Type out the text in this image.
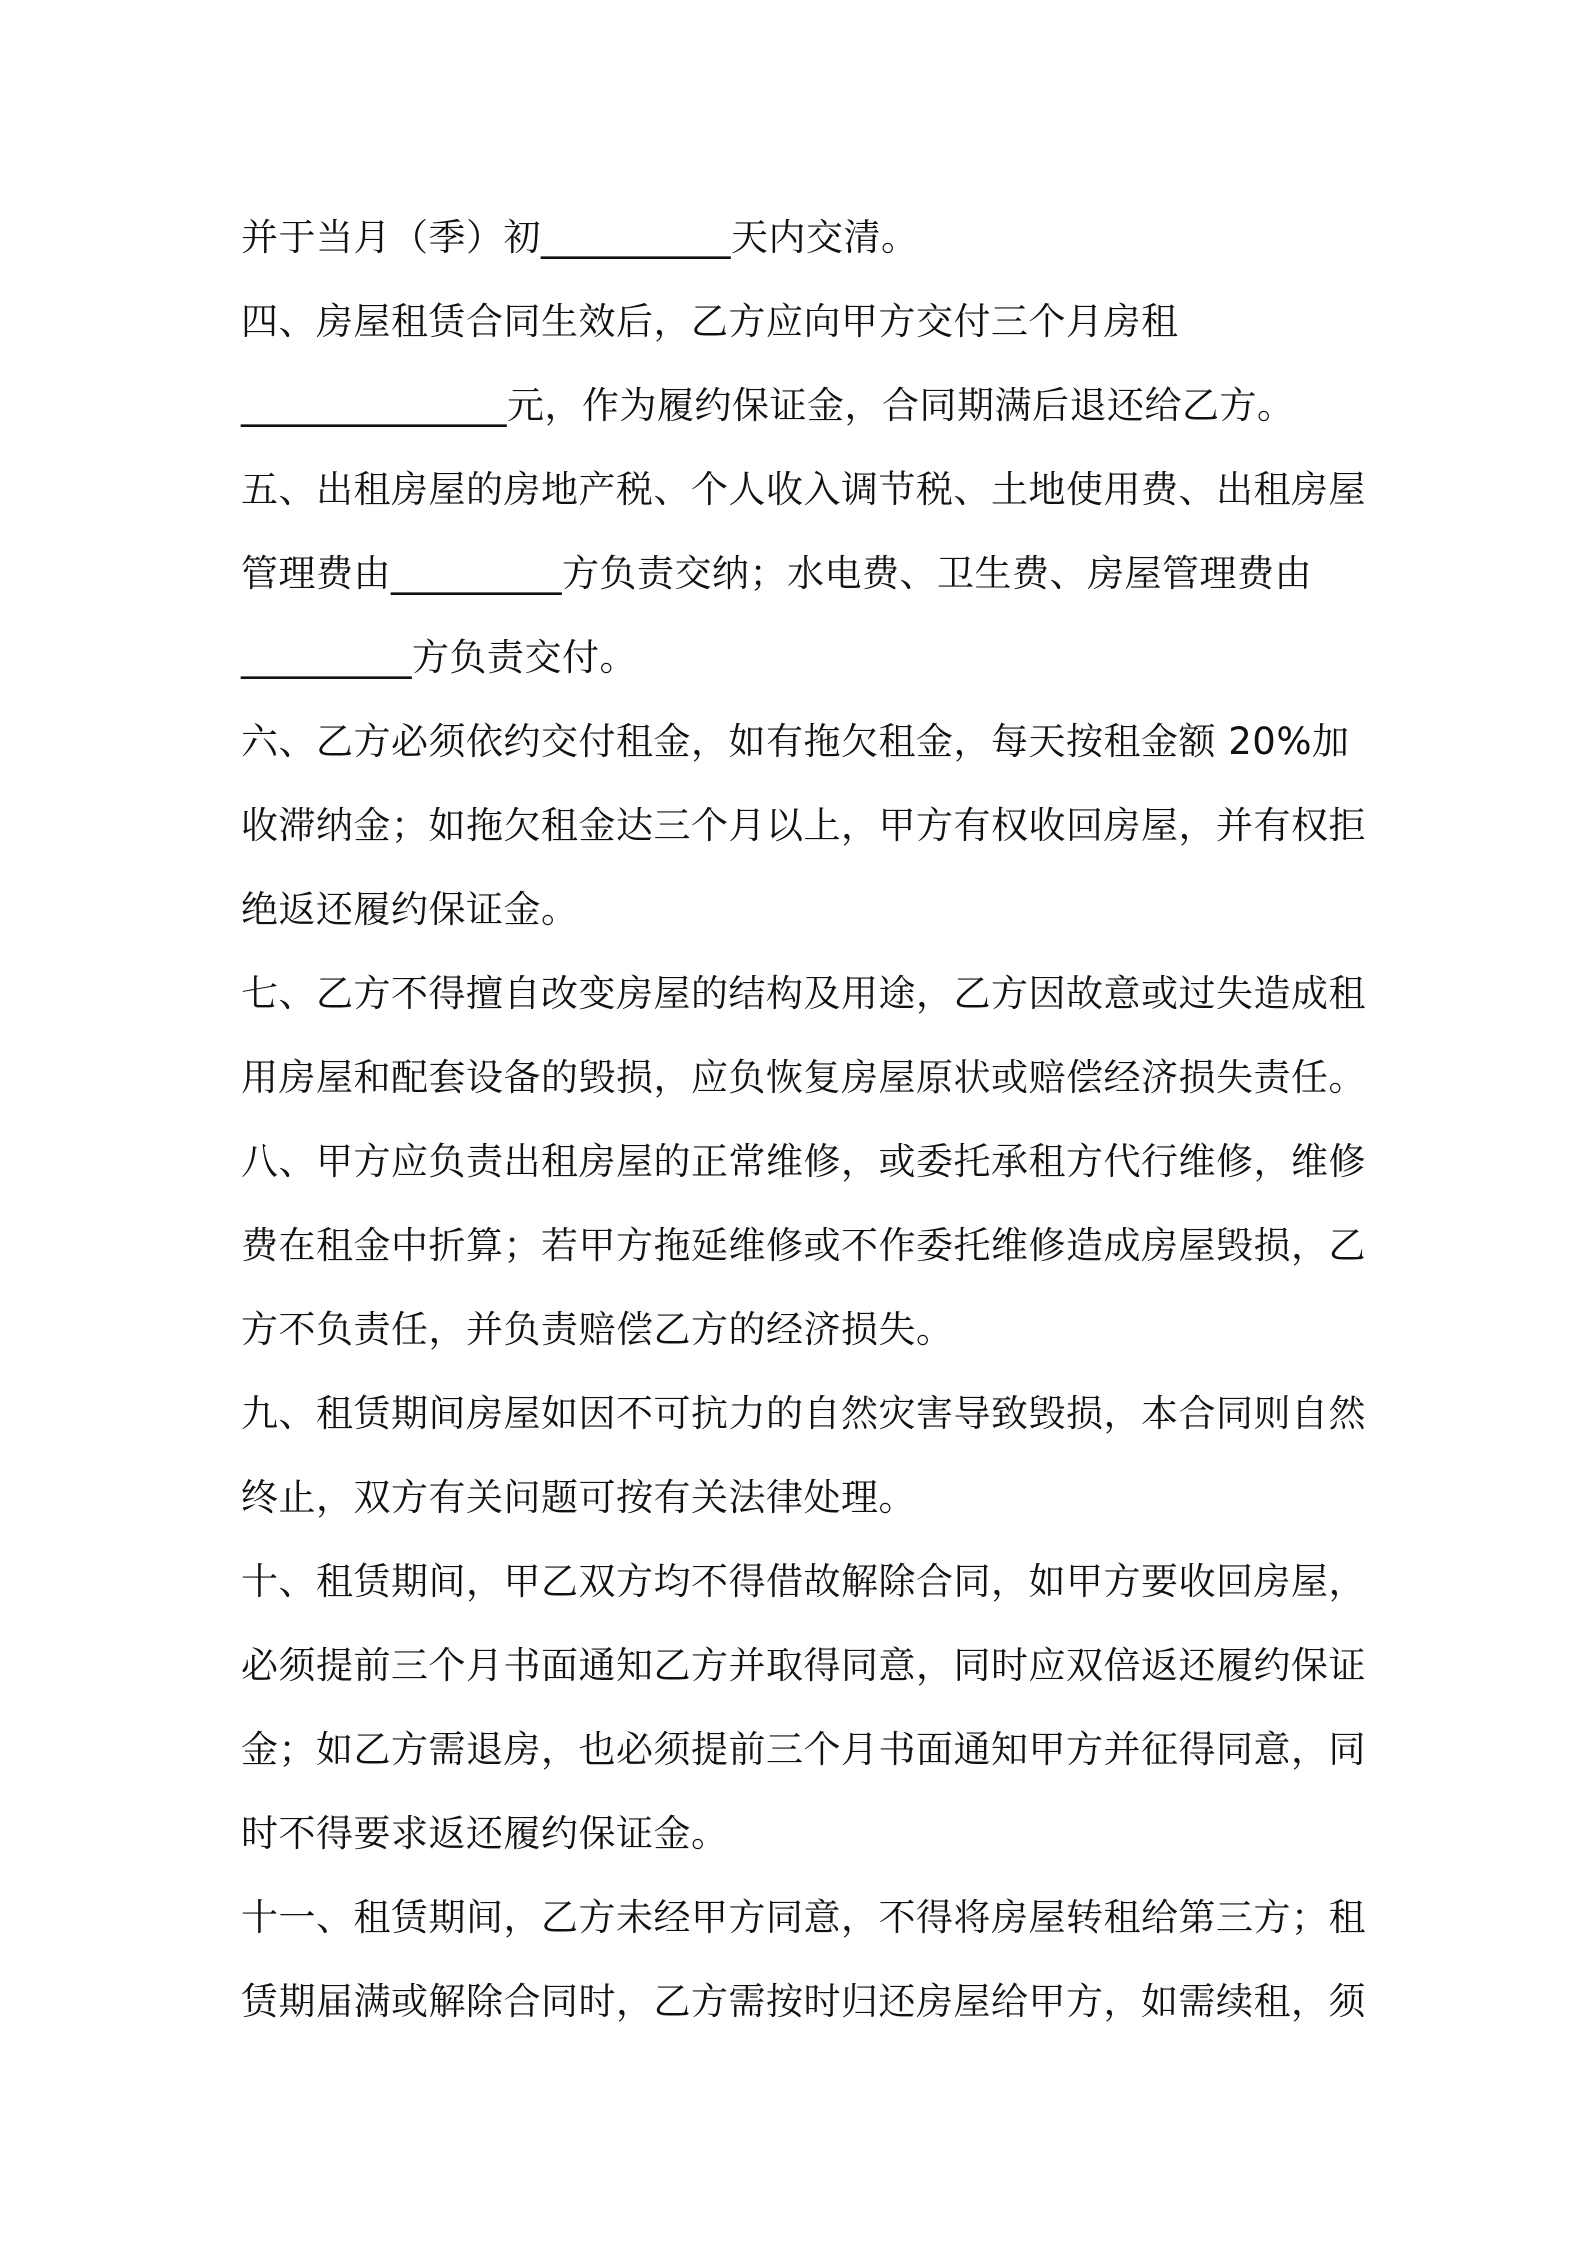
并于当月（季）初__________天内交清。
四、房屋租赁合同生效后，乙方应向甲方交付三个月房租
______________元，作为履约保证金，合同期满后退还给乙方。
五、出租房屋的房地产税、个人收入调节税、土地使用费、出租房屋
管理费由_________方负责交纳；水电费、卫生费、房屋管理费由
_________方负责交付。
六、乙方必须依约交付租金，如有拖欠租金，每天按租金额 20%加
收滞纳金；如拖欠租金达三个月以上，甲方有权收回房屋，并有权拒
绝返还履约保证金。
七、乙方不得擅自改变房屋的结构及用途，乙方因故意或过失造成租
用房屋和配套设备的毁损，应负恢复房屋原状或赔偿经济损失责任。
八、甲方应负责出租房屋的正常维修，或委托承租方代行维修，维修
费在租金中折算；若甲方拖延维修或不作委托维修造成房屋毁损，乙
方不负责任，并负责赔偿乙方的经济损失。
九、租赁期间房屋如因不可抗力的自然灾害导致毁损，本合同则自然
终止，双方有关问题可按有关法律处理。
十、租赁期间，甲乙双方均不得借故解除合同，如甲方要收回房屋，
必须提前三个月书面通知乙方并取得同意，同时应双倍返还履约保证
金；如乙方需退房，也必须提前三个月书面通知甲方并征得同意，同
时不得要求返还履约保证金。
十一、租赁期间，乙方未经甲方同意，不得将房屋转租给第三方；租
赁期届满或解除合同时，乙方需按时归还房屋给甲方，如需续租，须
